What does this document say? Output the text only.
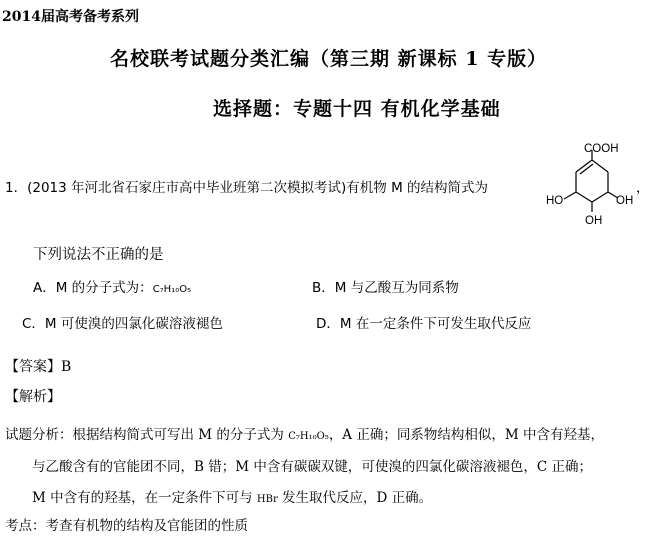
2014届高考备考系列
名校联考试题分类汇编（第三期 新课标 1 专版）
选择题：专题十四 有机化学基础
1．(2013 年河北省石家庄市高中毕业班第二次模拟考试)有机物 M 的结构简式为
COOH
HO	OH
OH
，
下列说法不正确的是
A．M 的分子式为：C₇H₁₀O₅	B．M 与乙酸互为同系物
C．M 可使溴的四氯化碳溶液褪色	D．M 在一定条件下可发生取代反应
【答案】B
【解析】
试题分析：根据结构简式可写出 M 的分子式为 C₇H₁₀O₅，A 正确；同系物结构相似，M 中含有羟基，
与乙酸含有的官能团不同，B 错；M 中含有碳碳双键，可使溴的四氯化碳溶液褪色，C 正确；
M 中含有的羟基，在一定条件下可与 HBr 发生取代反应，D 正确。
考点：考查有机物的结构及官能团的性质
